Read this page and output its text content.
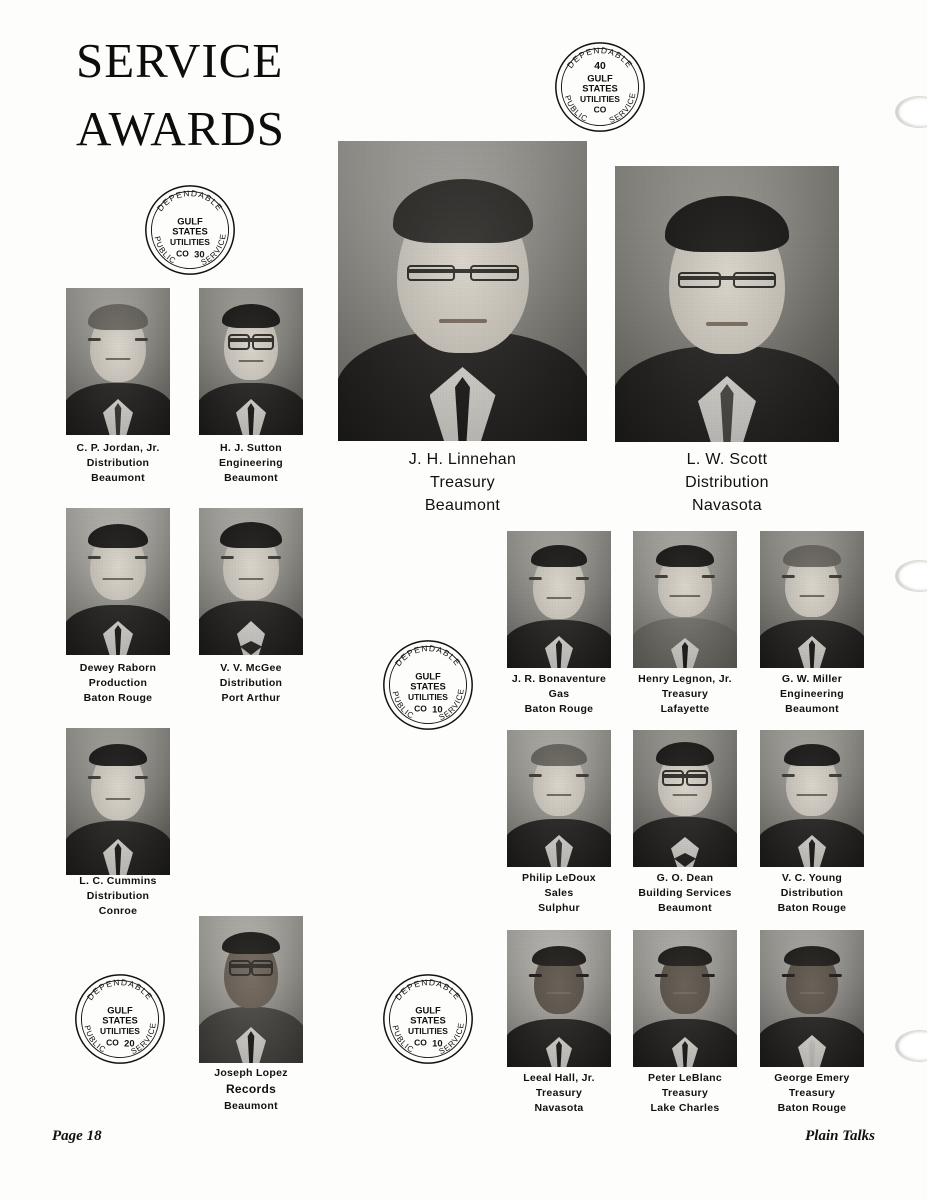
SERVICE
AWARDS
DEPENDABLE
40
GULF
STATES
UTILITIES
CO
PUBLIC SERVICE
DEPENDABLE
GULF
STATES
UTILITIES
CO 30
PUBLIC	SERVICE
DEPENDABLE
GULF
STATES
UTILITIES
CO 10
PUBLIC	SERVICE
DEPENDABLE
GULF
STATES
UTILITIES
CO 20
PUBLIC	SERVICE
DEPENDABLE
GULF
STATES
UTILITIES
CO 10
PUBLIC	SERVICE
J. H. Linnehan
Treasury
Beaumont
L. W. Scott
Distribution
Navasota
C. P. Jordan, Jr.
Distribution
Beaumont
H. J. Sutton
Engineering
Beaumont
Dewey Raborn
Production
Baton Rouge
V. V. McGee
Distribution
Port Arthur
L. C. Cummins
Distribution
Conroe
Joseph Lopez
Records
Beaumont
J. R. Bonaventure
Gas
Baton Rouge
Henry Legnon, Jr.
Treasury
Lafayette
G. W. Miller
Engineering
Beaumont
Philip LeDoux
Sales
Sulphur
G. O. Dean
Building Services
Beaumont
V. C. Young
Distribution
Baton Rouge
Leeal Hall, Jr.
Treasury
Navasota
Peter LeBlanc
Treasury
Lake Charles
George Emery
Treasury
Baton Rouge
Page 18	Plain Talks
